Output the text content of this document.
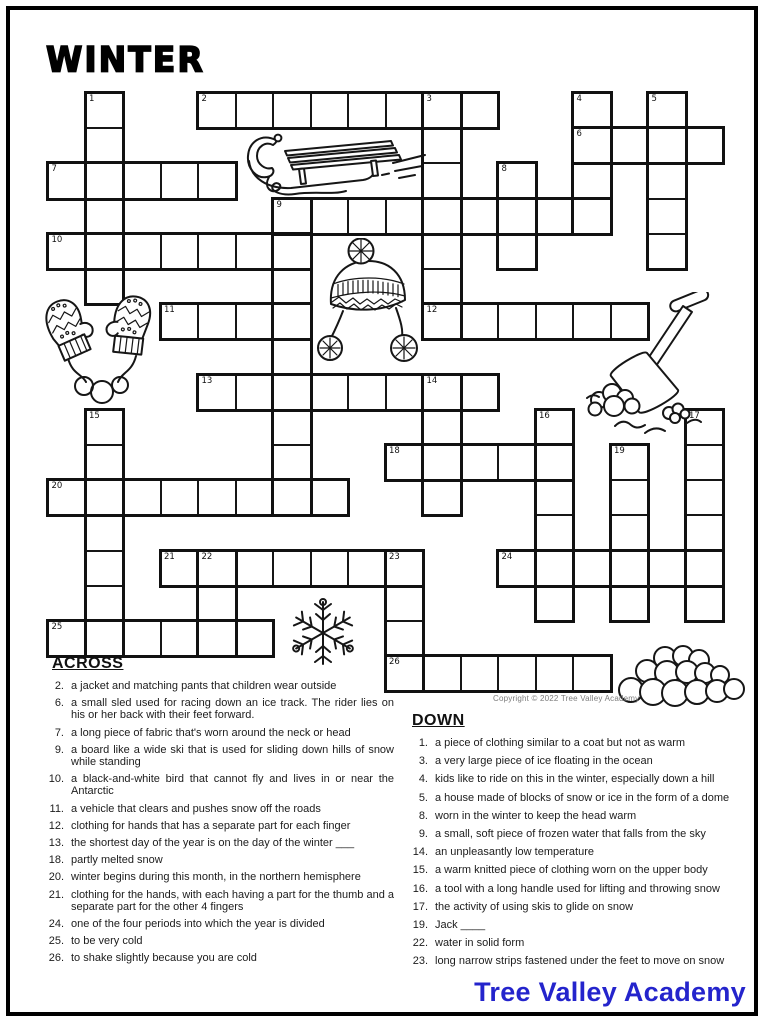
WINTER
2	3
6
7
9
10
11	12
13	14
18
20
21	22	23	24
25
26
1	4	5
8
15	16	17
19
ACROSS
2. a jacket and matching pants that children wear outside
6. a small sled used for racing down an ice track. The rider lies on his or her back with their feet forward.
7. a long piece of fabric that's worn around the neck or head
9. a board like a wide ski that is used for sliding down hills of snow while standing
10. a black-and-white bird that cannot fly and lives in or near the Antarctic
11. a vehicle that clears and pushes snow off the roads
12. clothing for hands that has a separate part for each finger
13. the shortest day of the year is on the day of the winter ___
18. partly melted snow
20. winter begins during this month, in the northern hemisphere
21. clothing for the hands, with each having a part for the thumb and a separate part for the other 4 fingers
24. one of the four periods into which the year is divided
25. to be very cold
26. to shake slightly because you are cold
DOWN
1. a piece of clothing similar to a coat but not as warm
3. a very large piece of ice floating in the ocean
4. kids like to ride on this in the winter, especially down a hill
5. a house made of blocks of snow or ice in the form of a dome
8. worn in the winter to keep the head warm
9. a small, soft piece of frozen water that falls from the sky
14. an unpleasantly low temperature
15. a warm knitted piece of clothing worn on the upper body
16. a tool with a long handle used for lifting and throwing snow
17. the activity of using skis to glide on snow
19. Jack ____
22. water in solid form
23. long narrow strips fastened under the feet to move on snow
Copyright © 2022 Tree Valley Academy
Tree Valley Academy
